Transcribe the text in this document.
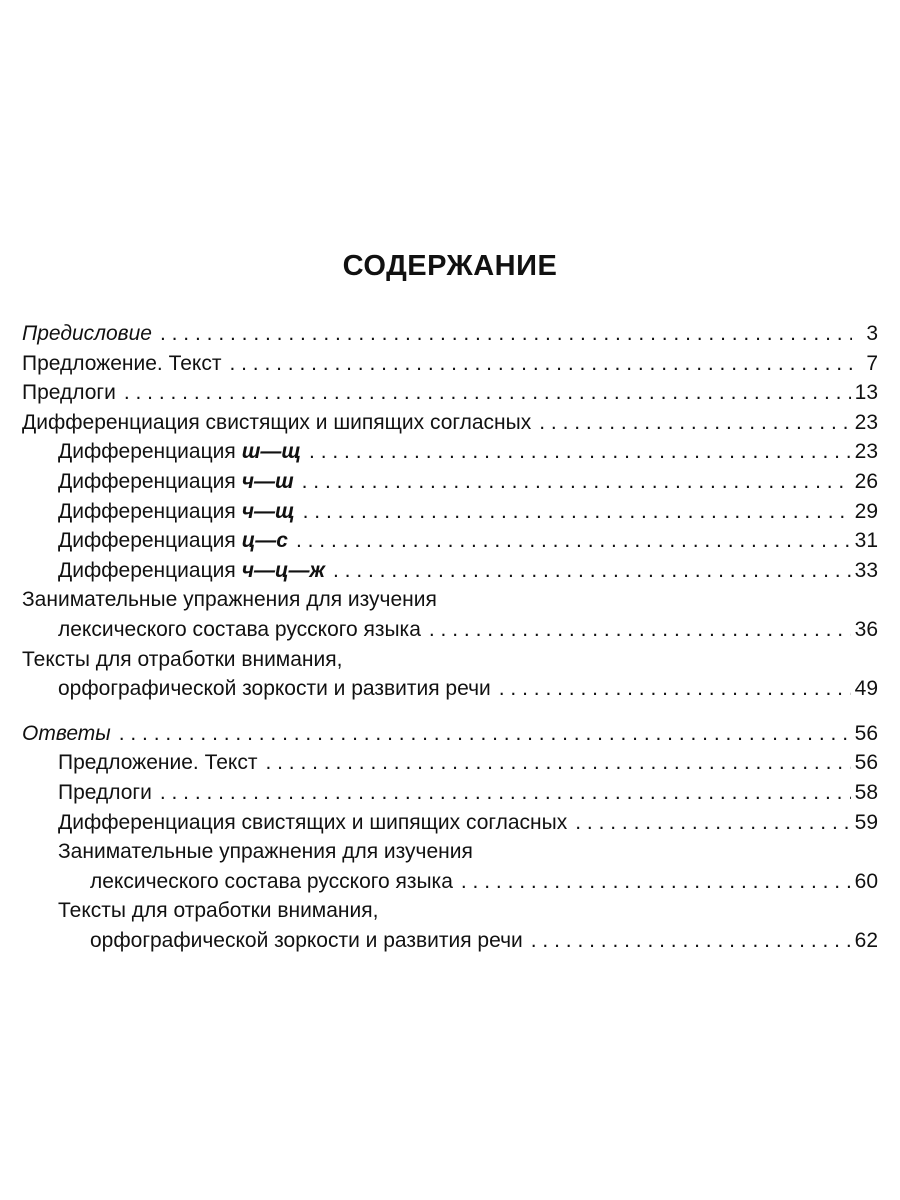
СОДЕРЖАНИЕ
Предисловие . . .	3
Предложение. Текст . . .	7
Предлоги . . .	13
Дифференциация свистящих и шипящих согласных . . .	23
Дифференциация ш—щ . . .	23
Дифференциация ч—ш . . .	26
Дифференциация ч—щ . . .	29
Дифференциация ц—с . . .	31
Дифференциация ч—ц—ж . . .	33
Занимательные упражнения для изучения
лексического состава русского языка . . .	36
Тексты для отработки внимания,
орфографической зоркости и развития речи . . .	49
Ответы . . .	56
Предложение. Текст . . .	56
Предлоги . . .	58
Дифференциация свистящих и шипящих согласных . . .	59
Занимательные упражнения для изучения
лексического состава русского языка . . .	60
Тексты для отработки внимания,
орфографической зоркости и развития речи . . .	62
